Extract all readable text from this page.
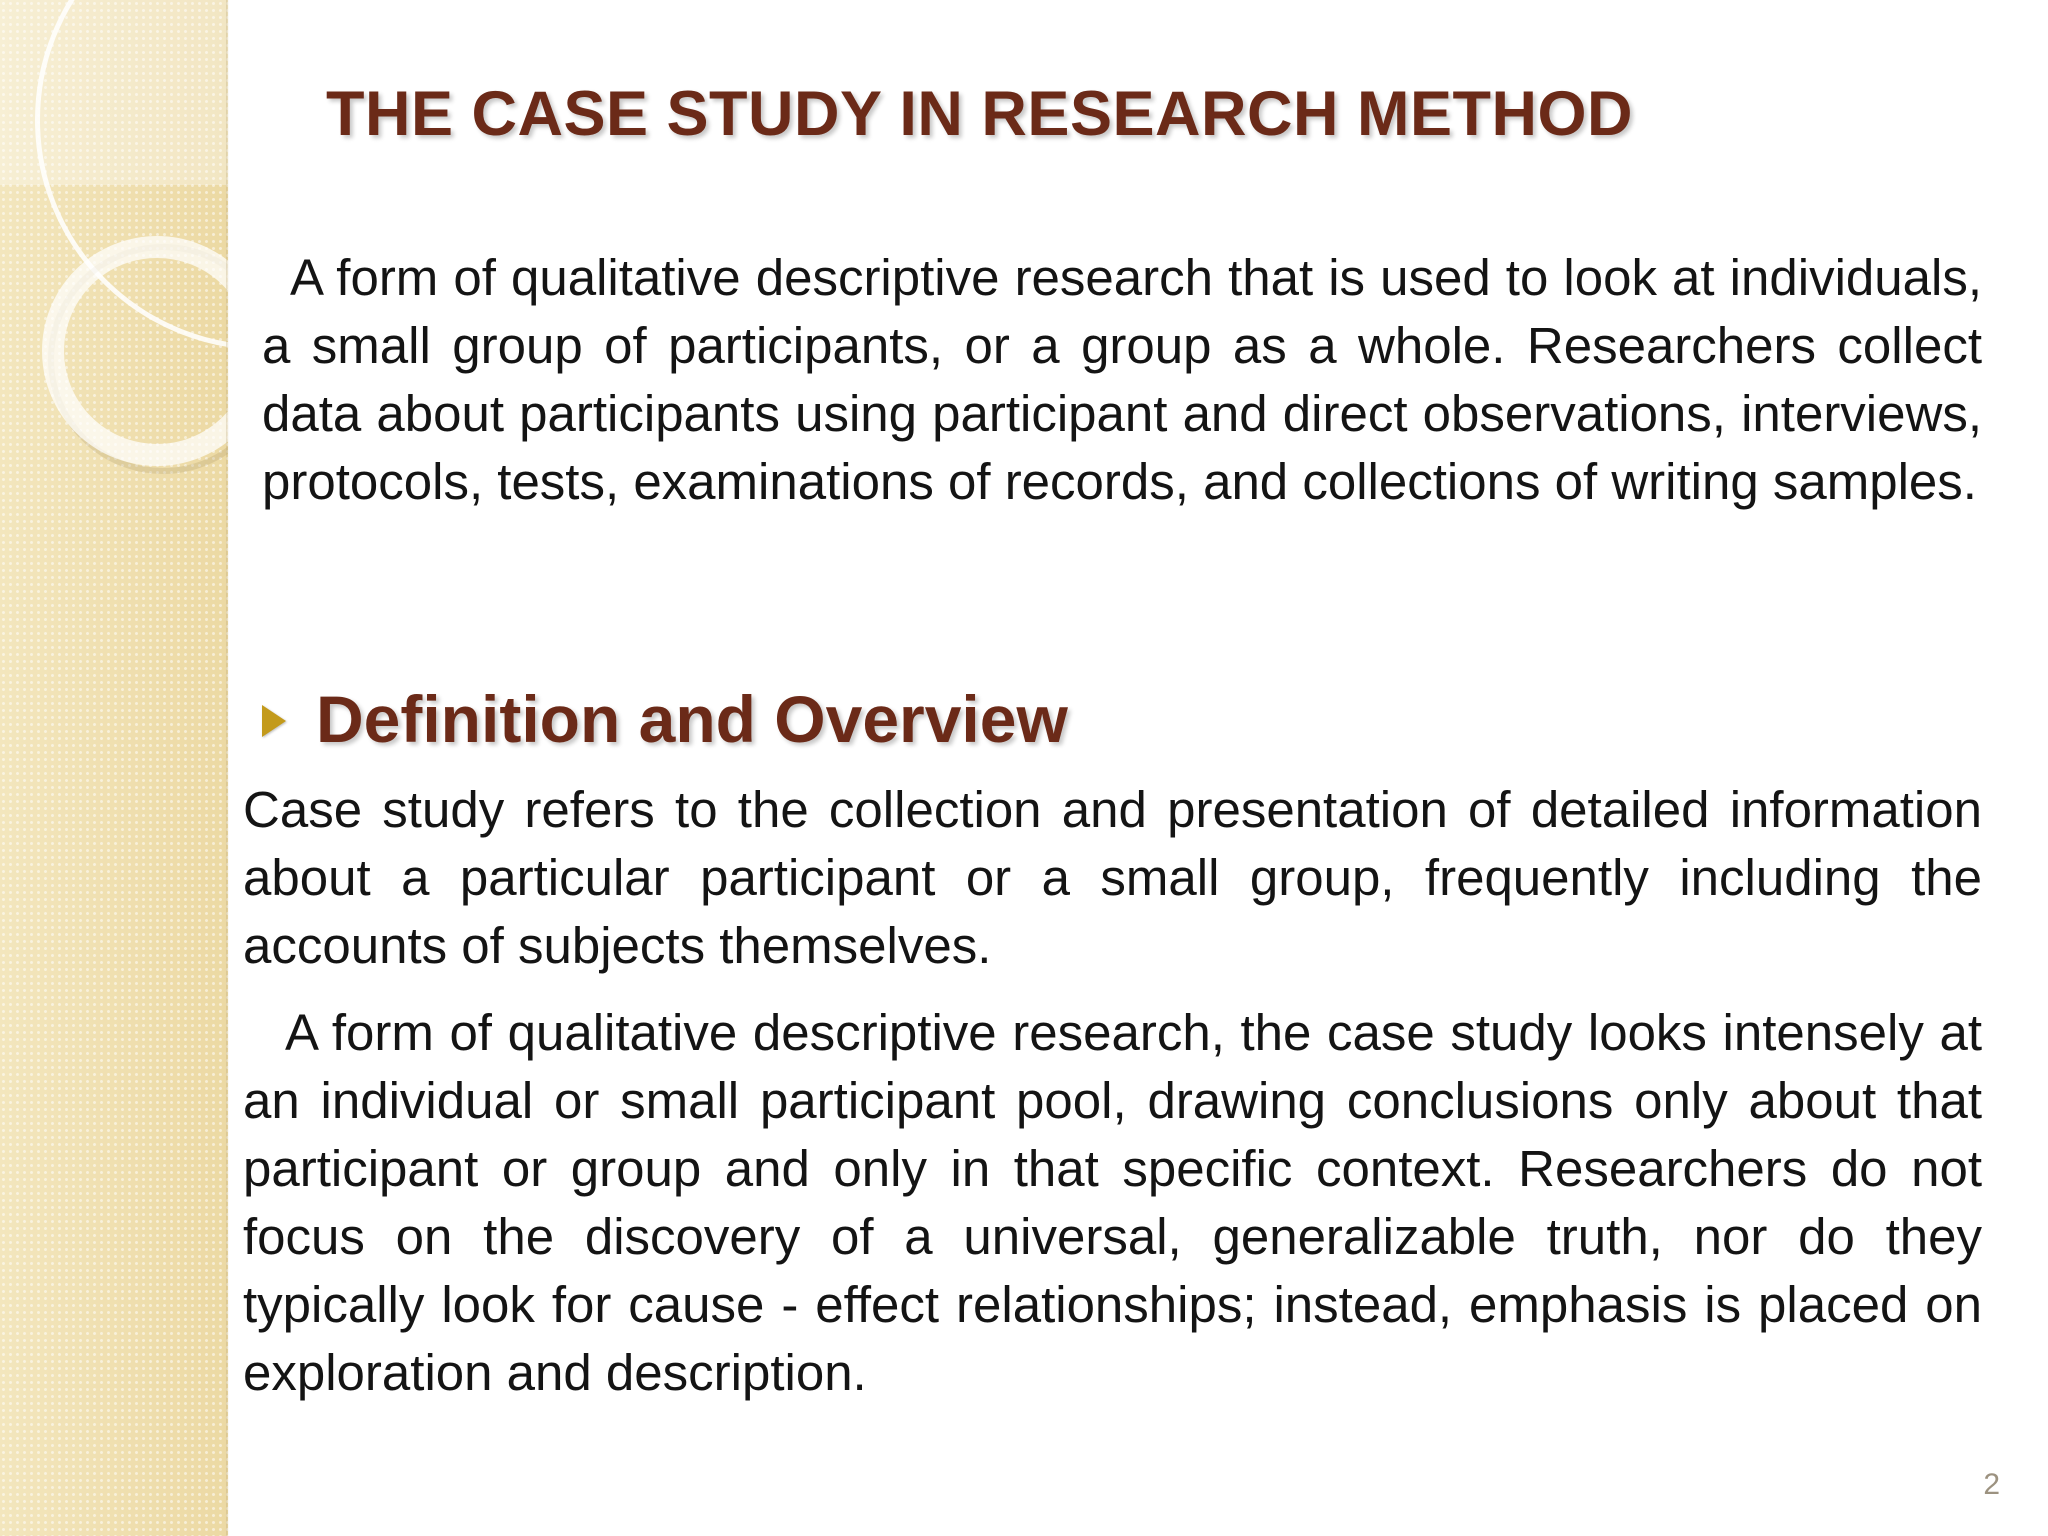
THE CASE STUDY IN RESEARCH METHOD

A form of qualitative descriptive research that is used to look at individuals, a small group of participants, or a group as a whole. Researchers collect data about participants using participant and direct observations, interviews, protocols, tests, examinations of records, and collections of writing samples.

Definition and Overview

Case study refers to the collection and presentation of detailed information about a particular participant or a small group, frequently including the accounts of subjects themselves.

A form of qualitative descriptive research, the case study looks intensely at an individual or small participant pool, drawing conclusions only about that participant or group and only in that specific context. Researchers do not focus on the discovery of a universal, generalizable truth, nor do they typically look for cause - effect relationships; instead, emphasis is placed on exploration and description.

2
